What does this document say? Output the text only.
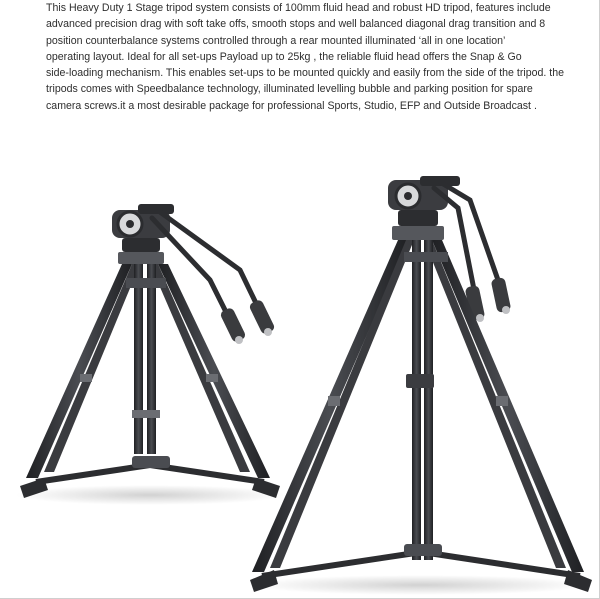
This Heavy Duty 1 Stage tripod system consists of 100mm fluid head and robust HD tripod, features include
advanced precision drag with soft take offs, smooth stops and well balanced diagonal drag transition and 8
position counterbalance systems controlled through a rear mounted illuminated ‘all in one location’
operating layout. Ideal for all set-ups Payload up to 25kg , the reliable fluid head offers the Snap & Go
side-loading mechanism. This enables set-ups to be mounted quickly and easily from the side of the tripod. the
tripods comes with Speedbalance technology, illuminated levelling bubble and parking position for spare
camera screws.it a most desirable package for professional Sports, Studio, EFP and Outside Broadcast .
